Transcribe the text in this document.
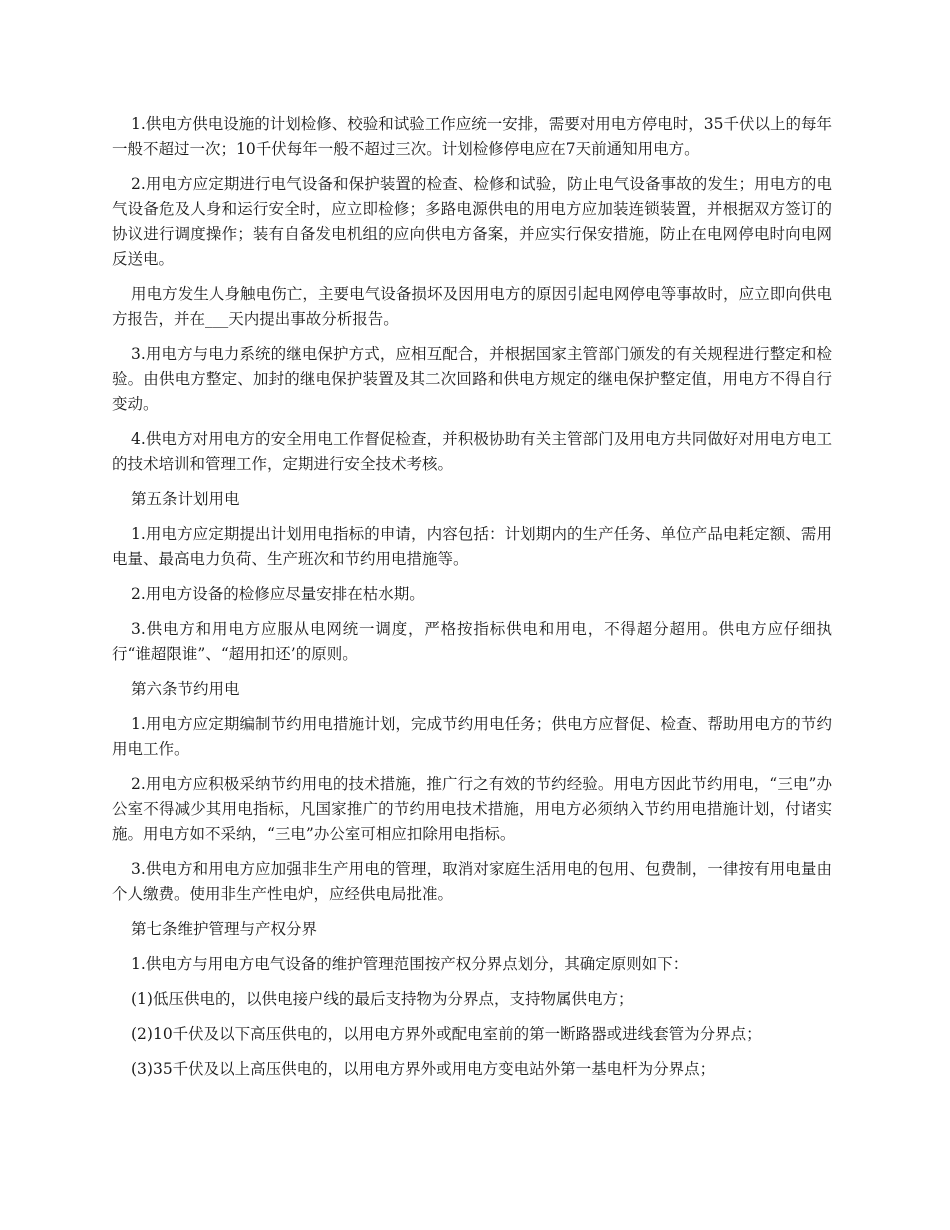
1.供电方供电设施的计划检修、校验和试验工作应统一安排，需要对用电方停电时，35千伏以上的每年一般不超过一次；10千伏每年一般不超过三次。计划检修停电应在7天前通知用电方。

2.用电方应定期进行电气设备和保护装置的检查、检修和试验，防止电气设备事故的发生；用电方的电气设备危及人身和运行安全时，应立即检修；多路电源供电的用电方应加装连锁装置，并根据双方签订的协议进行调度操作；装有自备发电机组的应向供电方备案，并应实行保安措施，防止在电网停电时向电网反送电。

用电方发生人身触电伤亡，主要电气设备损坏及因用电方的原因引起电网停电等事故时，应立即向供电方报告，并在___天内提出事故分析报告。

3.用电方与电力系统的继电保护方式，应相互配合，并根据国家主管部门颁发的有关规程进行整定和检验。由供电方整定、加封的继电保护装置及其二次回路和供电方规定的继电保护整定值，用电方不得自行变动。

4.供电方对用电方的安全用电工作督促检查，并积极协助有关主管部门及用电方共同做好对用电方电工的技术培训和管理工作，定期进行安全技术考核。

第五条计划用电

1.用电方应定期提出计划用电指标的申请，内容包括：计划期内的生产任务、单位产品电耗定额、需用电量、最高电力负荷、生产班次和节约用电措施等。

2.用电方设备的检修应尽量安排在枯水期。

3.供电方和用电方应服从电网统一调度，严格按指标供电和用电，不得超分超用。供电方应仔细执行“谁超限谁”、“超用扣还’的原则。

第六条节约用电

1.用电方应定期编制节约用电措施计划，完成节约用电任务；供电方应督促、检查、帮助用电方的节约用电工作。

2.用电方应积极采纳节约用电的技术措施，推广行之有效的节约经验。用电方因此节约用电，“三电”办公室不得减少其用电指标，凡国家推广的节约用电技术措施，用电方必须纳入节约用电措施计划，付诸实施。用电方如不采纳，“三电”办公室可相应扣除用电指标。

3.供电方和用电方应加强非生产用电的管理，取消对家庭生活用电的包用、包费制，一律按有用电量由个人缴费。使用非生产性电炉，应经供电局批准。

第七条维护管理与产权分界

1.供电方与用电方电气设备的维护管理范围按产权分界点划分，其确定原则如下：

(1)低压供电的，以供电接户线的最后支持物为分界点，支持物属供电方；

(2)10千伏及以下高压供电的，以用电方界外或配电室前的第一断路器或进线套管为分界点；

(3)35千伏及以上高压供电的，以用电方界外或用电方变电站外第一基电杆为分界点；
